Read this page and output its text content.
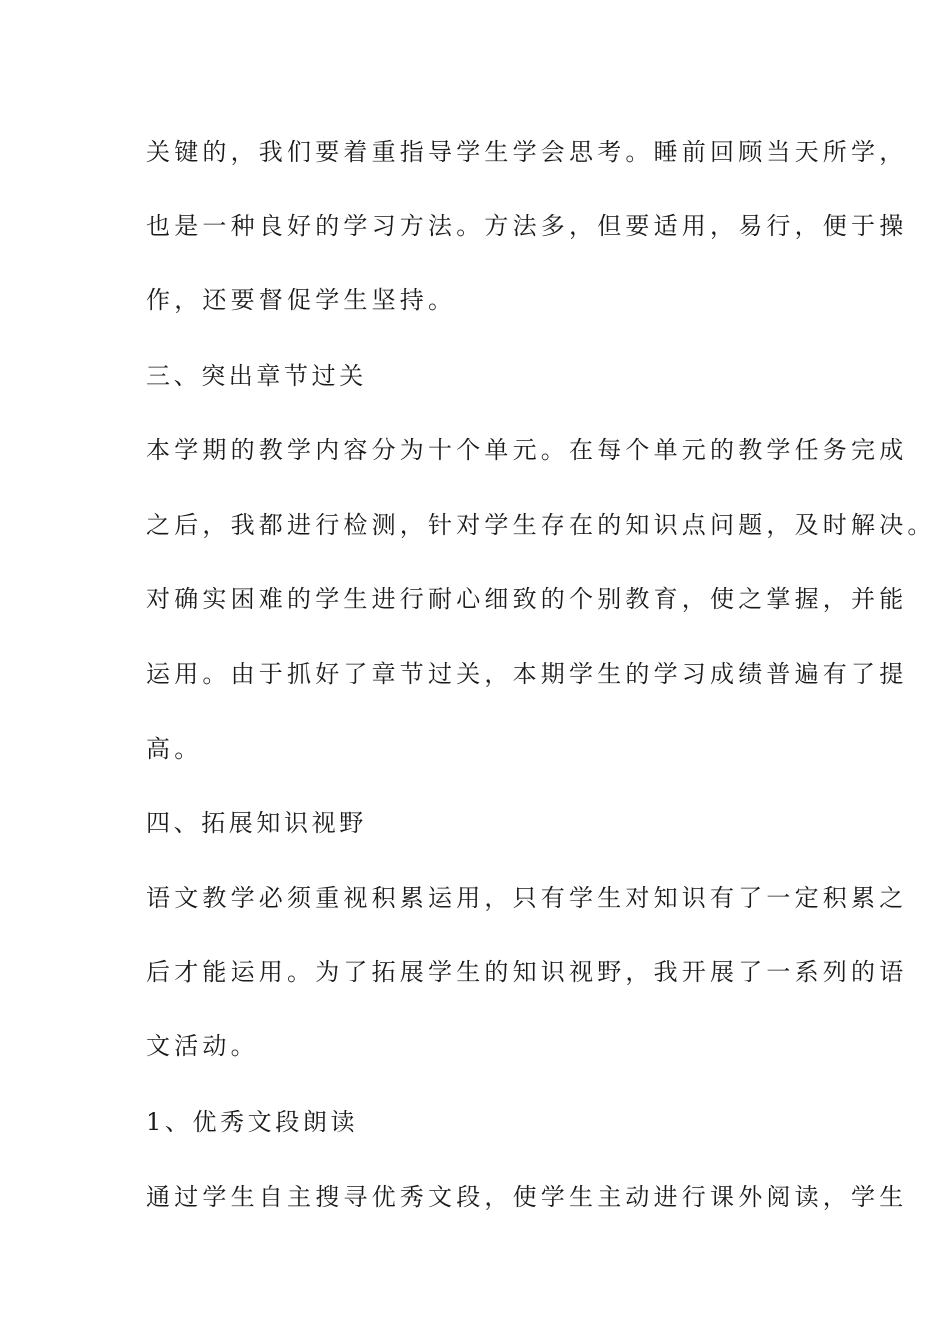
关键的，我们要着重指导学生学会思考。睡前回顾当天所学，
也是一种良好的学习方法。方法多，但要适用，易行，便于操
作，还要督促学生坚持。
三、突出章节过关
本学期的教学内容分为十个单元。在每个单元的教学任务完成
之后，我都进行检测，针对学生存在的知识点问题，及时解决。
对确实困难的学生进行耐心细致的个别教育，使之掌握，并能
运用。由于抓好了章节过关，本期学生的学习成绩普遍有了提
高。
四、拓展知识视野
语文教学必须重视积累运用，只有学生对知识有了一定积累之
后才能运用。为了拓展学生的知识视野，我开展了一系列的语
文活动。
1、优秀文段朗读
通过学生自主搜寻优秀文段，使学生主动进行课外阅读，学生
